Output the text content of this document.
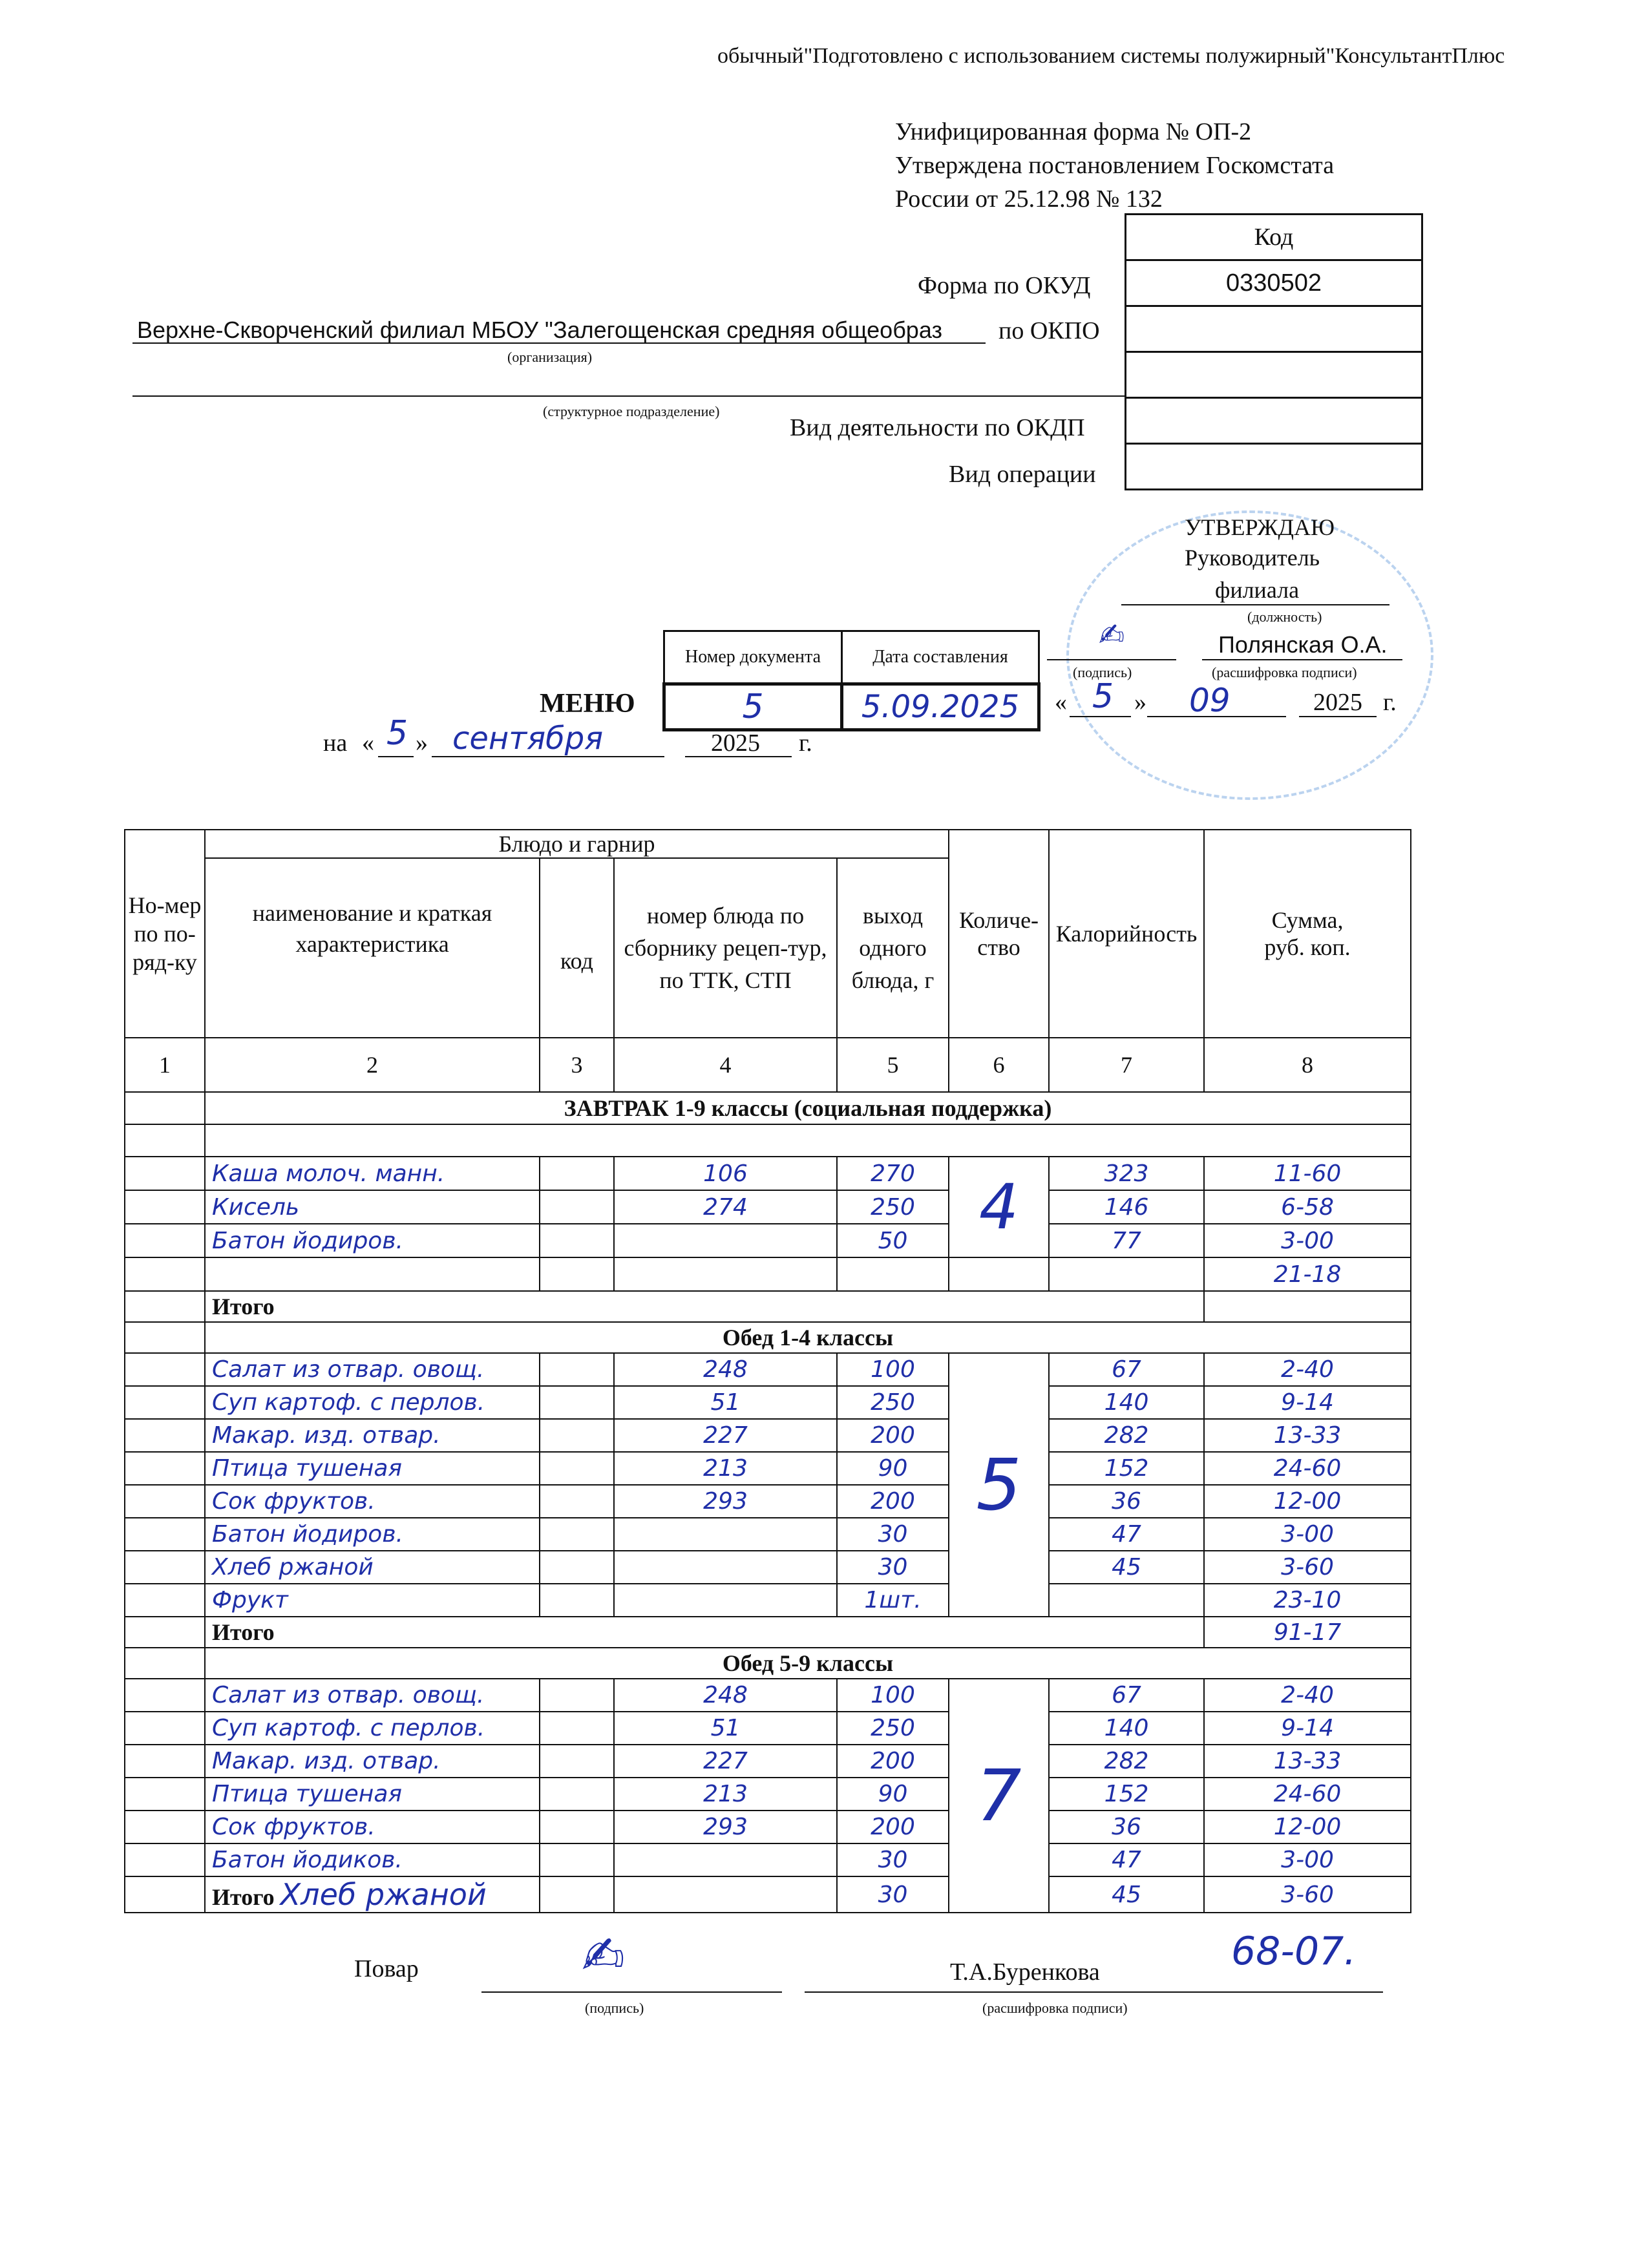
обычный"Подготовлено с использованием системы полужирный"КонсультантПлюс
Унифицированная форма № ОП-2
Утверждена постановлением Госкомстата
России от 25.12.98 № 132
Код
0330502

Форма по ОКУД
по ОКПО
Вид деятельности по ОКДП
Вид операции
Верхне-Скворченский филиал МБОУ "Залегощенская средняя общеобраз
(организация)
(структурное подразделение)
УТВЕРЖДАЮ
Руководитель
филиала
(должность)
✍	Полянская О.А.
(подпись)	(расшифровка подписи)
« 5 » 09	2025 г.
Номер документа	Дата составления
5	5.09.2025
МЕНЮ
на « 5 » сентября	2025 г.
Но-мер по по-ряд-ку	Блюдо и гарнир				Количе-ство	Калорийность	Сумма, руб. коп.
	наименование и краткая характеристика	код	номер блюда по сборнику рецеп-тур, по ТТК, СТП	выход одного блюда, г			
1	2	3	4	5	6	7	8
	ЗАВТРАК 1-9 классы (социальная поддержка)						

	Каша молоч. манн.		106	270	4	323	11-60
	Кисель		274	250		146	6-58
	Батон йодиров.			50		77	3-00
							21-18
	Итого						
	Обед 1-4 классы						
	Салат из отвар. овощ.		248	100	5	67	2-40
	Суп картоф. с перлов.		51	250		140	9-14
	Макар. изд. отвар.		227	200		282	13-33
	Птица тушеная		213	90		152	24-60
	Сок фруктов.		293	200		36	12-00
	Батон йодиров.			30		47	3-00
	Хлеб ржаной			30		45	3-60
	Фрукт			1шт.			23-10
	Итого						91-17
	Обед 5-9 классы						
	Салат из отвар. овощ.		248	100	7	67	2-40
	Суп картоф. с перлов.		51	250		140	9-14
	Макар. изд. отвар.		227	200		282	13-33
	Птица тушеная		213	90		152	24-60
	Сок фруктов.		293	200		36	12-00
	Батон йодиков.			30		47	3-00
	Итого Хлеб ржаной			30		45	3-60
68-07.
Повар	✍
(подпись)
Т.А.Буренкова
(расшифровка подписи)
